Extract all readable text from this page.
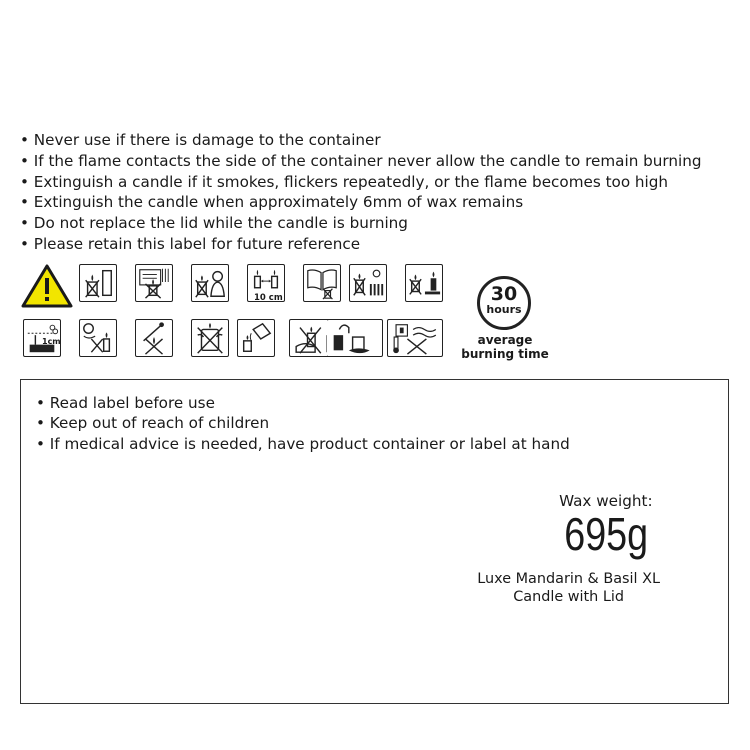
• Never use if there is damage to the container
• If the flame contacts the side of the container never allow the candle to remain burning
• Extinguish a candle if it smokes, flickers repeatedly, or the flame becomes too high
• Extinguish the candle when approximately 6mm of wax remains
• Do not replace the lid while the candle is burning
• Please retain this label for future reference
10 cm
1cm
30
hours
average
burning time
• Read label before use
• Keep out of reach of children
• If medical advice is needed, have product container or label at hand
Wax weight:
695g
Luxe Mandarin & Basil XL
Candle with Lid
